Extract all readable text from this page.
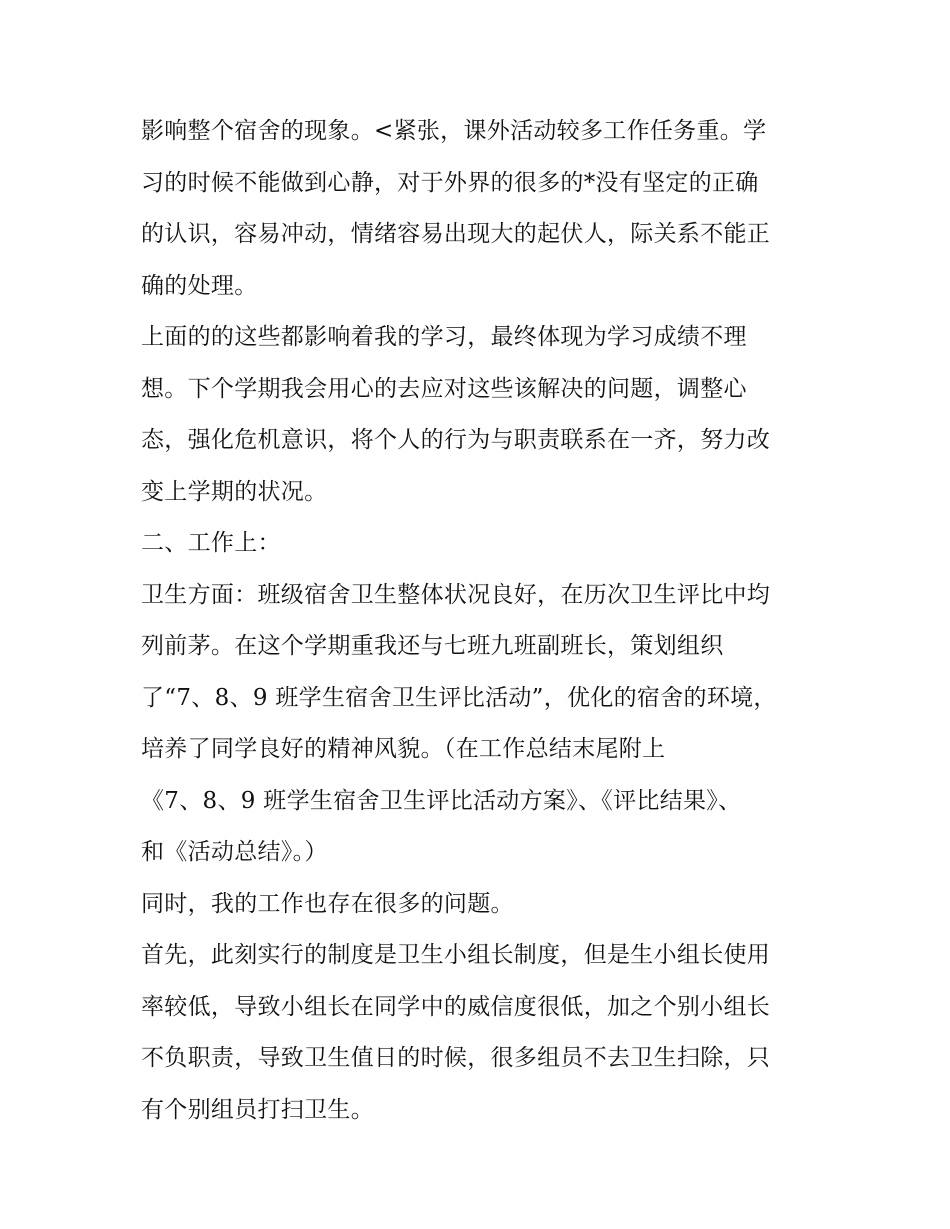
影响整个宿舍的现象。<紧张，课外活动较多工作任务重。学
习的时候不能做到心静，对于外界的很多的*没有坚定的正确
的认识，容易冲动，情绪容易出现大的起伏人，际关系不能正
确的处理。
上面的的这些都影响着我的学习，最终体现为学习成绩不理
想。下个学期我会用心的去应对这些该解决的问题，调整心
态，强化危机意识，将个人的行为与职责联系在一齐，努力改
变上学期的状况。
二、工作上：
卫生方面：班级宿舍卫生整体状况良好，在历次卫生评比中均
列前茅。在这个学期重我还与七班九班副班长，策划组织
了“7、8、9 班学生宿舍卫生评比活动”，优化的宿舍的环境，
培养了同学良好的精神风貌。（在工作总结末尾附上
《7、8、9 班学生宿舍卫生评比活动方案》、《评比结果》、
和《活动总结》。）
同时，我的工作也存在很多的问题。
首先，此刻实行的制度是卫生小组长制度，但是生小组长使用
率较低，导致小组长在同学中的威信度很低，加之个别小组长
不负职责，导致卫生值日的时候，很多组员不去卫生扫除，只
有个别组员打扫卫生。
